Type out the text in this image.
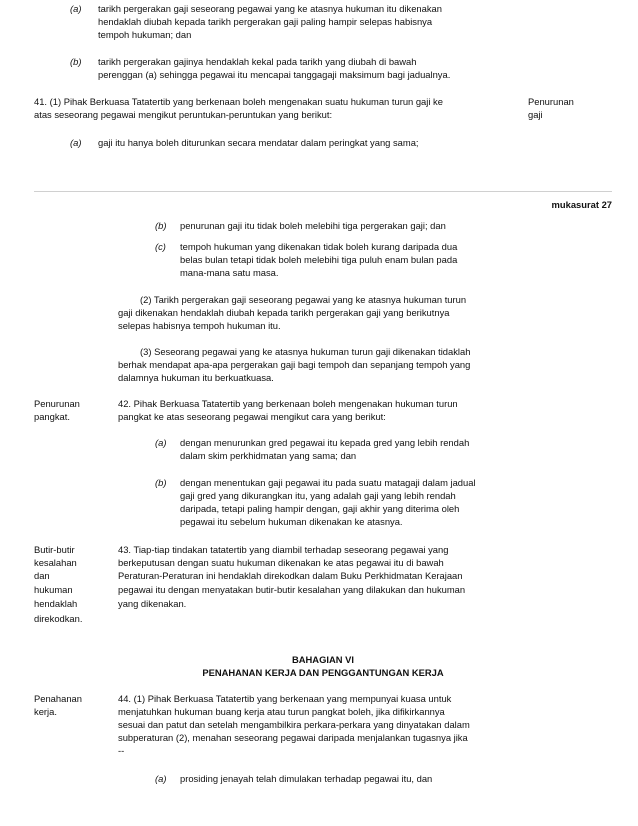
(a) tarikh pergerakan gaji seseorang pegawai yang ke atasnya hukuman itu dikenakan
hendaklah diubah kepada tarikh pergerakan gaji paling hampir selepas habisnya
tempoh hukuman; dan
(b) tarikh pergerakan gajinya hendaklah kekal pada tarikh yang diubah di bawah
perenggan (a) sehingga pegawai itu mencapai tanggagaji maksimum bagi jadualnya.
41. (1) Pihak Berkuasa Tatatertib yang berkenaan boleh mengenakan suatu hukuman turun gaji ke
atas seseorang pegawai mengikut peruntukan-peruntukan yang berikut:
Penurunan
gaji
(a) gaji itu hanya boleh diturunkan secara mendatar dalam peringkat yang sama;
mukasurat 27
(b) penurunan gaji itu tidak boleh melebihi tiga pergerakan gaji; dan
(c) tempoh hukuman yang dikenakan tidak boleh kurang daripada dua
belas bulan tetapi tidak boleh melebihi tiga puluh enam bulan pada
mana-mana satu masa.
(2) Tarikh pergerakan gaji seseorang pegawai yang ke atasnya hukuman turun
gaji dikenakan hendaklah diubah kepada tarikh pergerakan gaji yang berikutnya
selepas habisnya tempoh hukuman itu.
(3) Seseorang pegawai yang ke atasnya hukuman turun gaji dikenakan tidaklah
berhak mendapat apa-apa pergerakan gaji bagi tempoh dan sepanjang tempoh yang
dalamnya hukuman itu berkuatkuasa.
Penurunan
pangkat.
42. Pihak Berkuasa Tatatertib yang berkenaan boleh mengenakan hukuman turun
pangkat ke atas seseorang pegawai mengikut cara yang berikut:
(a) dengan menurunkan gred pegawai itu kepada gred yang lebih rendah
dalam skim perkhidmatan yang sama; dan
(b) dengan menentukan gaji pegawai itu pada suatu matagaji dalam jadual
gaji gred yang dikurangkan itu, yang adalah gaji yang lebih rendah
daripada, tetapi paling hampir dengan, gaji akhir yang diterima oleh
pegawai itu sebelum hukuman dikenakan ke atasnya.
Butir-butir
kesalahan
dan
hukuman
hendaklah
direkodkan.
43. Tiap-tiap tindakan tatatertib yang diambil terhadap seseorang pegawai yang
berkeputusan dengan suatu hukuman dikenakan ke atas pegawai itu di bawah
Peraturan-Peraturan ini hendaklah direkodkan dalam Buku Perkhidmatan Kerajaan
pegawai itu dengan menyatakan butir-butir kesalahan yang dilakukan dan hukuman
yang dikenakan.
BAHAGIAN VI
PENAHANAN KERJA DAN PENGGANTUNGAN KERJA
Penahanan
kerja.
44. (1) Pihak Berkuasa Tatatertib yang berkenaan yang mempunyai kuasa untuk
menjatuhkan hukuman buang kerja atau turun pangkat boleh, jika difikirkannya
sesuai dan patut dan setelah mengambilkira perkara-perkara yang dinyatakan dalam
subperaturan (2), menahan seseorang pegawai daripada menjalankan tugasnya jika
--
(a) prosiding jenayah telah dimulakan terhadap pegawai itu, dan
